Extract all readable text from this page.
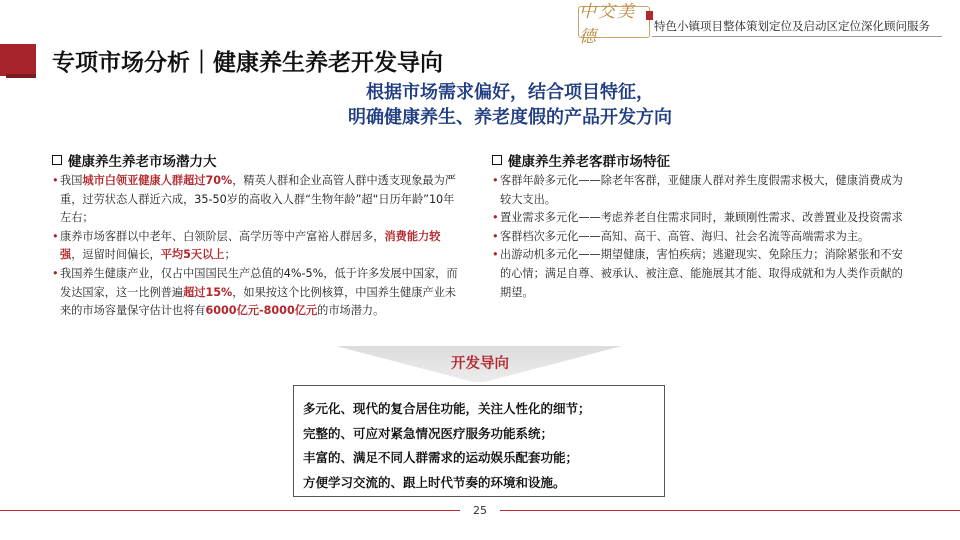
中交美德
特色小镇项目整体策划定位及启动区定位深化顾问服务
专项市场分析｜健康养生养老开发导向
根据市场需求偏好，结合项目特征，
明确健康养生、养老度假的产品开发方向
健康养生养老市场潜力大
• 我国城市白领亚健康人群超过70%，精英人群和企业高管人群中透支现象最为严重，过劳状态人群近六成，35-50岁的高收入人群“生物年龄”超“日历年龄”10年左右；
• 康养市场客群以中老年、白领阶层、高学历等中产富裕人群居多，消费能力较强，逗留时间偏长，平均5天以上；
• 我国养生健康产业，仅占中国国民生产总值的4%-5%，低于许多发展中国家，而发达国家，这一比例普遍超过15%，如果按这个比例核算，中国养生健康产业未来的市场容量保守估计也将有6000亿元-8000亿元的市场潜力。
健康养生养老客群市场特征
• 客群年龄多元化——除老年客群，亚健康人群对养生度假需求极大，健康消费成为较大支出。
• 置业需求多元化——考虑养老自住需求同时，兼顾刚性需求、改善置业及投资需求
• 客群档次多元化——高知、高干、高管、海归、社会名流等高端需求为主。
• 出游动机多元化——期望健康，害怕疾病；逃避现实、免除压力；消除紧张和不安的心情；满足自尊、被承认、被注意、能施展其才能、取得成就和为人类作贡献的期望。
开发导向
多元化、现代的复合居住功能，关注人性化的细节；
完整的、可应对紧急情况医疗服务功能系统；
丰富的、满足不同人群需求的运动娱乐配套功能；
方便学习交流的、跟上时代节奏的环境和设施。
25
